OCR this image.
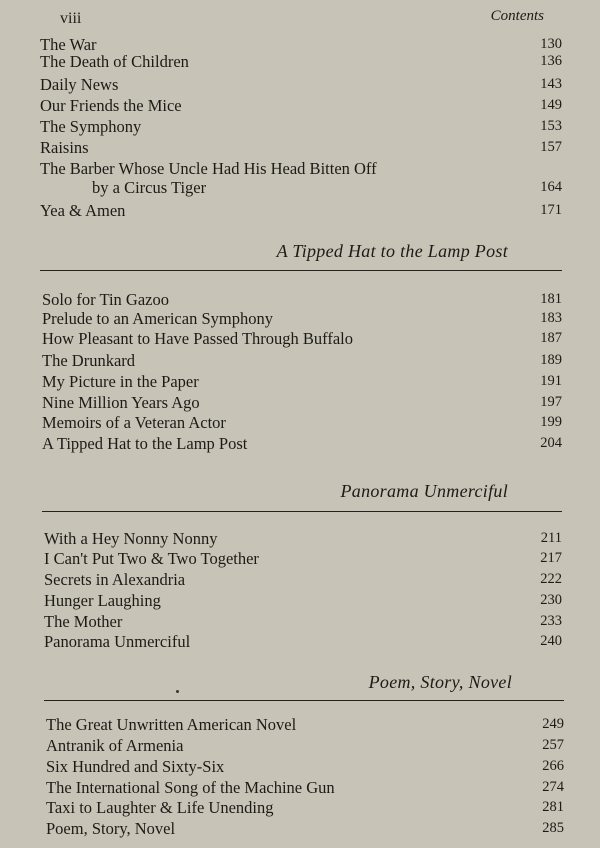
viii	Contents
The War	130
The Death of Children	136
Daily News	143
Our Friends the Mice	149
The Symphony	153
Raisins	157
The Barber Whose Uncle Had His Head Bitten Off
by a Circus Tiger	164
Yea & Amen	171
A Tipped Hat to the Lamp Post
Solo for Tin Gazoo	181
Prelude to an American Symphony	183
How Pleasant to Have Passed Through Buffalo	187
The Drunkard	189
My Picture in the Paper	191
Nine Million Years Ago	197
Memoirs of a Veteran Actor	199
A Tipped Hat to the Lamp Post	204
Panorama Unmerciful
With a Hey Nonny Nonny	211
I Can't Put Two & Two Together	217
Secrets in Alexandria	222
Hunger Laughing	230
The Mother	233
Panorama Unmerciful	240
Poem, Story, Novel
The Great Unwritten American Novel	249
Antranik of Armenia	257
Six Hundred and Sixty-Six	266
The International Song of the Machine Gun	274
Taxi to Laughter & Life Unending	281
Poem, Story, Novel	285
